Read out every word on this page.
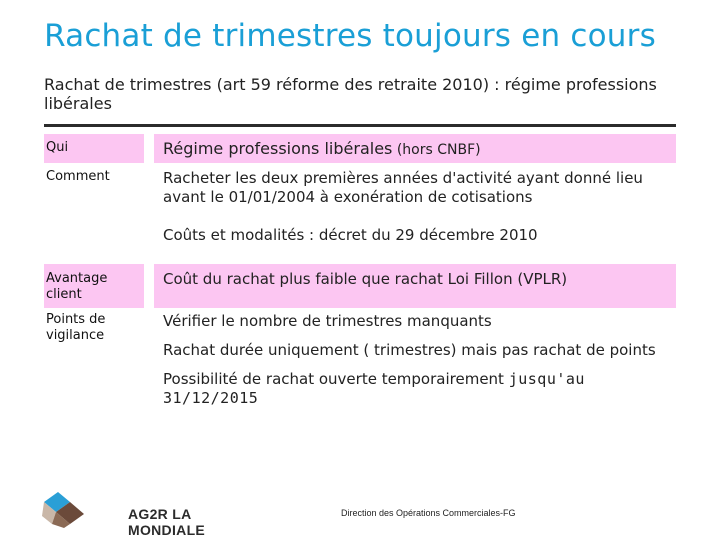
Rachat de trimestres toujours en cours
Rachat de trimestres (art 59 réforme des retraite 2010) : régime professions libérales
Qui	Régime professions libérales (hors CNBF)
Comment	Racheter les deux premières années d'activité ayant donné lieu avant le 01/01/2004 à exonération de cotisations

Coûts et modalités : décret du 29 décembre 2010

Avantage client

Coût du rachat plus faible que rachat Loi Fillon (VPLR)

Points de vigilance

Vérifier le nombre de trimestres manquants

Rachat durée uniquement ( trimestres) mais pas rachat de points

Possibilité de rachat ouverte temporairement jusqu'au 31/12/2015

AG2R LA MONDIALE
Direction des Opérations Commerciales-FG
